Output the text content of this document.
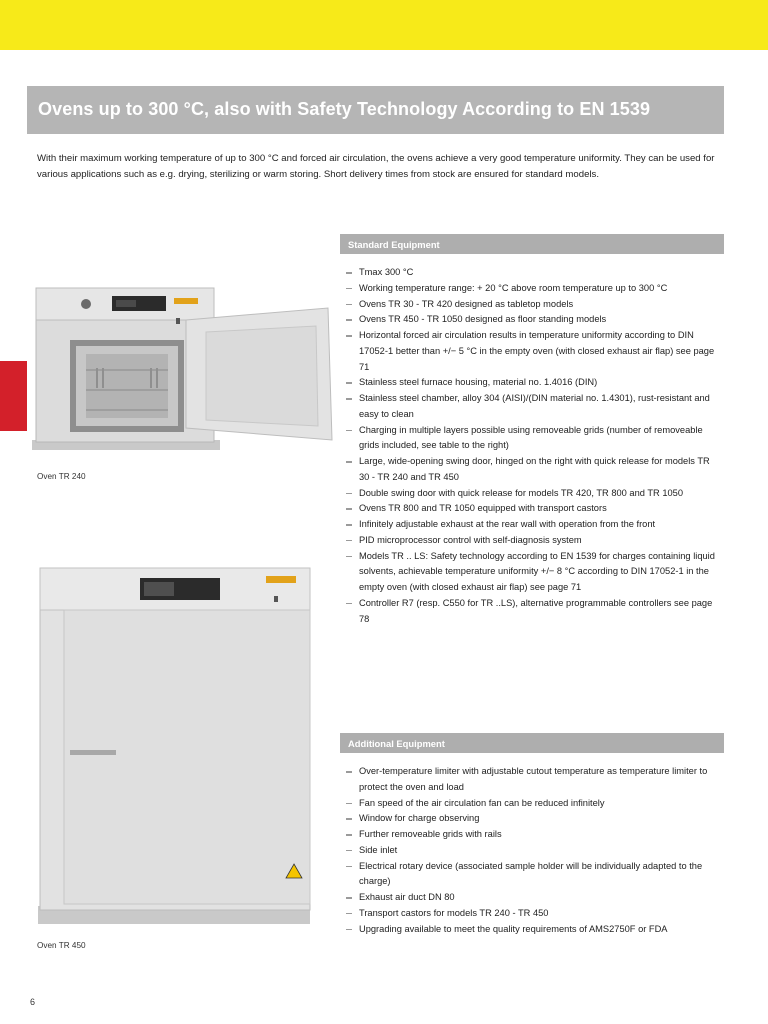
Ovens up to 300 °C, also with Safety Technology According to EN 1539
With their maximum working temperature of up to 300 °C and forced air circulation, the ovens achieve a very good temperature uniformity. They can be used for various applications such as e.g. drying, sterilizing or warm storing. Short delivery times from stock are ensured for standard models.
Oven TR 240
Oven TR 450
Standard Equipment
Tmax 300 °C
Working temperature range: + 20 °C above room temperature up to 300 °C
Ovens TR 30 - TR 420 designed as tabletop models
Ovens TR 450 - TR 1050 designed as floor standing models
Horizontal forced air circulation results in temperature uniformity according to DIN 17052-1 better than +/− 5 °C in the empty oven (with closed exhaust air flap) see page 71
Stainless steel furnace housing, material no. 1.4016 (DIN)
Stainless steel chamber, alloy 304 (AISI)/(DIN material no. 1.4301), rust-resistant and easy to clean
Charging in multiple layers possible using removeable grids (number of removeable grids included, see table to the right)
Large, wide-opening swing door, hinged on the right with quick release for models TR 30 - TR 240 and TR 450
Double swing door with quick release for models TR 420, TR 800 and TR 1050
Ovens TR 800 and TR 1050 equipped with transport castors
Infinitely adjustable exhaust at the rear wall with operation from the front
PID microprocessor control with self-diagnosis system
Models TR .. LS: Safety technology according to EN 1539 for charges containing liquid solvents, achievable temperature uniformity +/− 8 °C according to DIN 17052-1 in the empty oven (with closed exhaust air flap) see page 71
Controller R7 (resp. C550 for TR ..LS), alternative programmable controllers see page 78
Additional Equipment
Over-temperature limiter with adjustable cutout temperature as temperature limiter to protect the oven and load
Fan speed of the air circulation fan can be reduced infinitely
Window for charge observing
Further removeable grids with rails
Side inlet
Electrical rotary device (associated sample holder will be individually adapted to the charge)
Exhaust air duct DN 80
Transport castors for models TR 240 - TR 450
Upgrading available to meet the quality requirements of AMS2750F or FDA
6
